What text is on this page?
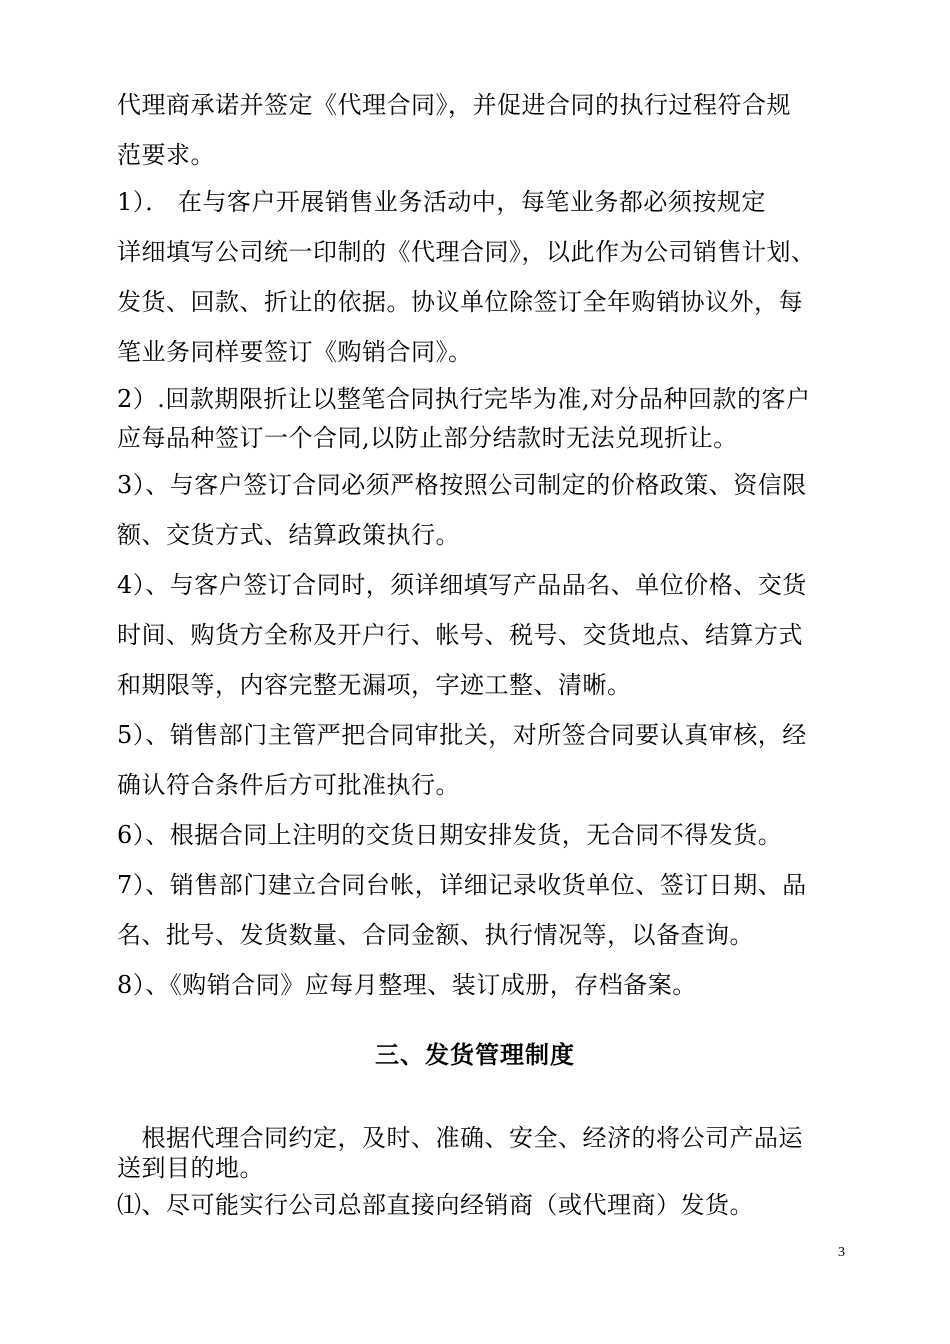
代理商承诺并签定《代理合同》，并促进合同的执行过程符合规
范要求。
1）． 在与客户开展销售业务活动中，每笔业务都必须按规定
详细填写公司统一印制的《代理合同》，以此作为公司销售计划、
发货、回款、折让的依据。协议单位除签订全年购销协议外，每
笔业务同样要签订《购销合同》。
2）.回款期限折让以整笔合同执行完毕为准,对分品种回款的客户
应每品种签订一个合同,以防止部分结款时无法兑现折让。
3）、与客户签订合同必须严格按照公司制定的价格政策、资信限
额、交货方式、结算政策执行。
4）、与客户签订合同时，须详细填写产品品名、单位价格、交货
时间、购货方全称及开户行、帐号、税号、交货地点、结算方式
和期限等，内容完整无漏项，字迹工整、清晰。
5）、销售部门主管严把合同审批关，对所签合同要认真审核，经
确认符合条件后方可批准执行。
6）、根据合同上注明的交货日期安排发货，无合同不得发货。
7）、销售部门建立合同台帐，详细记录收货单位、签订日期、品
名、批号、发货数量、合同金额、执行情况等，以备查询。
8）、《购销合同》应每月整理、装订成册，存档备案。
三、发货管理制度
　根据代理合同约定，及时、准确、安全、经济的将公司产品运
送到目的地。
⑴、尽可能实行公司总部直接向经销商（或代理商）发货。
3
